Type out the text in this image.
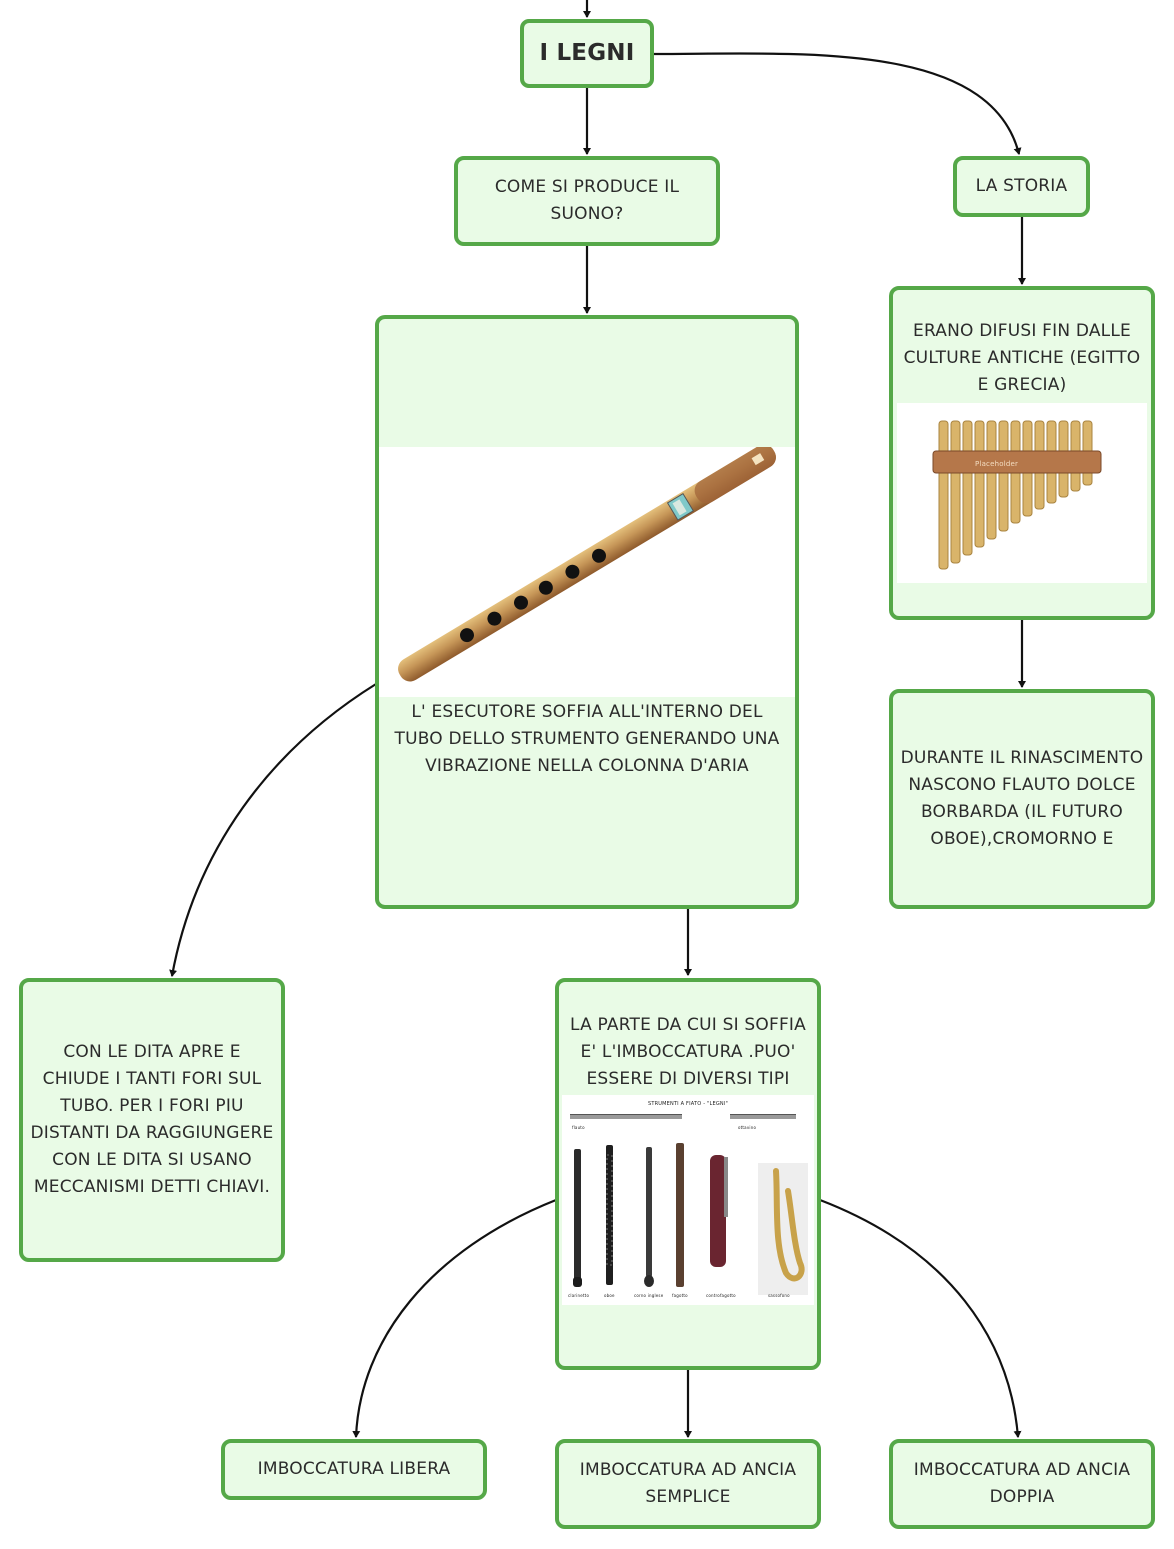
I LEGNI
COME SI PRODUCE IL SUONO?
LA STORIA
L' ESECUTORE SOFFIA ALL'INTERNO DEL TUBO DELLO STRUMENTO GENERANDO UNA VIBRAZIONE NELLA COLONNA D'ARIA
ERANO DIFUSI FIN DALLE CULTURE ANTICHE (EGITTO E GRECIA)
Placeholder
DURANTE IL RINASCIMENTO NASCONO FLAUTO DOLCE BORBARDA (IL FUTURO OBOE),CROMORNO E
CON LE DITA APRE E CHIUDE I TANTI FORI SUL TUBO. PER I FORI PIU DISTANTI DA RAGGIUNGERE CON LE DITA SI USANO MECCANISMI DETTI CHIAVI.
LA PARTE DA CUI SI SOFFIA E' L'IMBOCCATURA .PUO' ESSERE DI DIVERSI TIPI
STRUMENTI A FIATO - "LEGNI"
flauto	ottavino
clarinetto	oboe	corno inglese fagotto	controfagotto	sassofono
IMBOCCATURA LIBERA	IMBOCCATURA AD ANCIA SEMPLICE
IMBOCCATURA AD ANCIA DOPPIA
